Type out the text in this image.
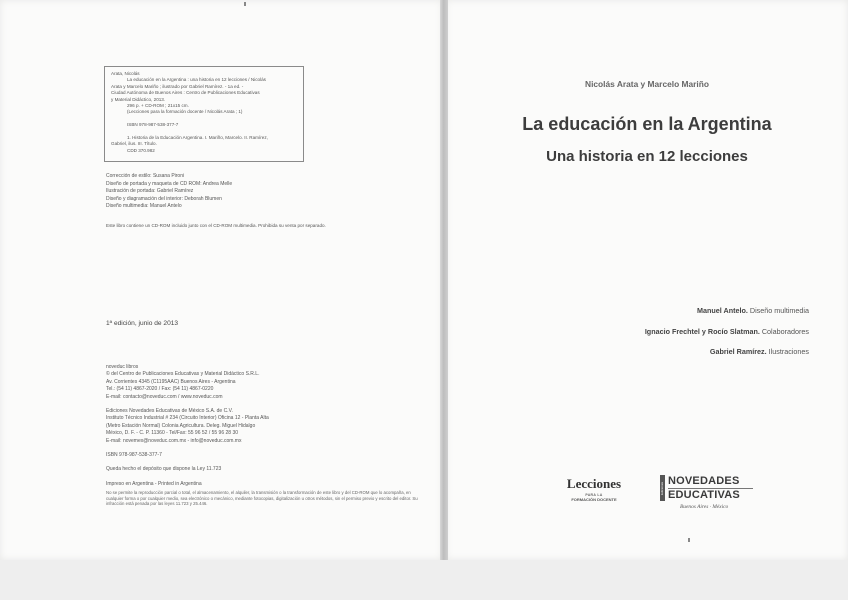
Arata, Nicolás
La educación en la Argentina : una historia en 12 lecciones / Nicolás
Arata y Marcelo Mariño ; ilustrado por Gabriel Ramírez. - 1a ed. -
Ciudad Autónoma de Buenos Aires : Centro de Publicaciones Educativas
y Material Didáctico, 2013.
296 p. + CD-ROM ; 21x15 cm.
(Lecciones para la formación docente / Nicolás Arata ; 1)

ISBN 978-987-538-377-7

1. Historia de la Educación Argentina. I. Mariño, Marcelo. II. Ramírez,
Gabriel, ilus. III. Título.
CDD 370.982
Corrección de estilo: Susana Pironi
Diseño de portada y maqueta de CD ROM: Andrea Melle
Ilustración de portada: Gabriel Ramírez
Diseño y diagramación del interior: Deborah Blumen
Diseño multimedia: Manuel Antelo
Este libro contiene un CD-ROM incluido junto con el CD-ROM multimedia. Prohibida su venta por separado.
1ª edición, junio de 2013
noveduc libros
© del Centro de Publicaciones Educativas y Material Didáctico S.R.L.
Av. Corrientes 4345 (C1195AAC) Buenos Aires - Argentina
Tel.: (54 11) 4867-2020 / Fax: (54 11) 4867-0220
E-mail: contacto@noveduc.com / www.noveduc.com
Ediciones Novedades Educativas de México S.A. de C.V.
Instituto Técnico Industrial # 234 (Circuito Interior) Oficina 12 - Planta Alta
(Metro Estación Normal) Colonia Agricultura. Deleg. Miguel Hidalgo
México, D. F. - C. P. 11360 - Tel/Fax: 55 96 52 / 55 96 28 30
E-mail: novemex@noveduc.com.mx - info@noveduc.com.mx
ISBN 978-987-538-377-7
Queda hecho el depósito que dispone la Ley 11.723
Impreso en Argentina - Printed in Argentina
No se permite la reproducción parcial o total, el almacenamiento, el alquiler, la transmisión o la transformación de este libro y del CD-ROM que lo acompaña, en cualquier forma o por cualquier medio, sea electrónico o mecánico, mediante fotocopias, digitalización u otros métodos, sin el permiso previo y escrito del editor. Su infracción está penada por las leyes 11.723 y 25.446.
Nicolás Arata y Marcelo Mariño
La educación en la Argentina
Una historia en 12 lecciones
Manuel Antelo. Diseño multimedia
Ignacio Frechtel y Rocío Slatman. Colaboradores
Gabriel Ramírez. Ilustraciones
Lecciones
PARA LA
FORMACIÓN DOCENTE
Ediciones
NOVEDADES
EDUCATIVAS
Buenos Aires · México
